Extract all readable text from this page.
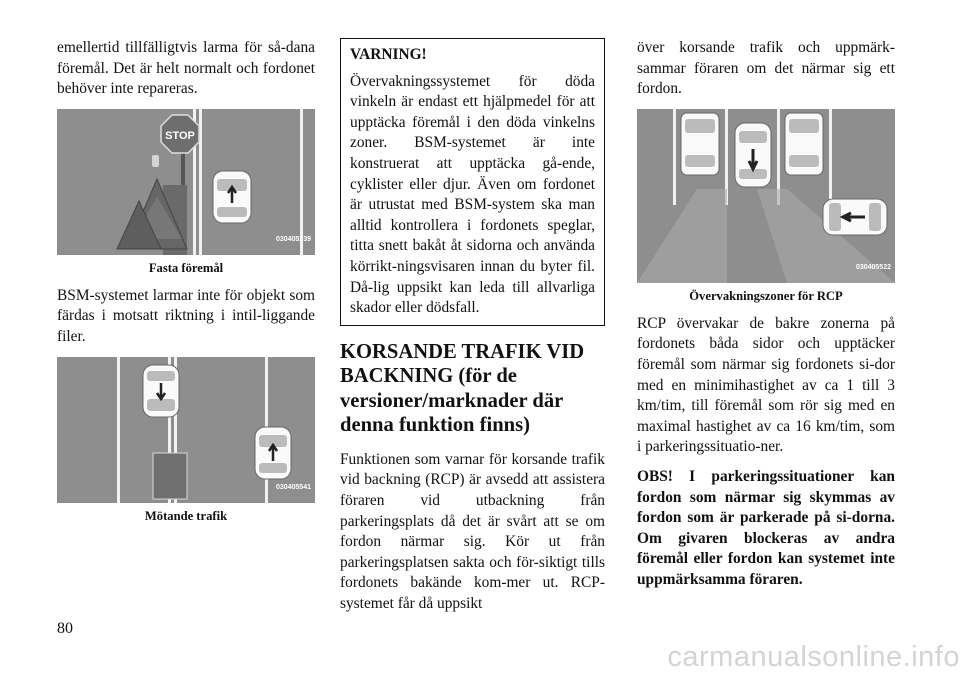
emellertid tillfälligtvis larma för så-dana föremål. Det är helt normalt och fordonet behöver inte repareras.

STOP
030405239
Fasta föremål

BSM-systemet larmar inte för objekt som färdas i motsatt riktning i intil-liggande filer.

030405541
Mötande trafik
VARNING!

Övervakningssystemet för döda vinkeln är endast ett hjälpmedel för att upptäcka föremål i den döda vinkelns zoner. BSM-systemet är inte konstruerat att upptäcka gå-ende, cyklister eller djur. Även om fordonet är utrustat med BSM-system ska man alltid kontrollera i fordonets speglar, titta snett bakåt åt sidorna och använda körrikt-ningsvisaren innan du byter fil. Då-lig uppsikt kan leda till allvarliga skador eller dödsfall.

KORSANDE TRAFIK VID BACKNING (för de versioner/marknader där denna funktion finns)

Funktionen som varnar för korsande trafik vid backning (RCP) är avsedd att assistera föraren vid utbackning från parkeringsplats då det är svårt att se om fordon närmar sig. Kör ut från parkeringsplatsen sakta och för-siktigt tills fordonets bakände kom-mer ut. RCP-systemet får då uppsikt

över korsande trafik och uppmärk-sammar föraren om det närmar sig ett fordon.

030405522
Övervakningszoner för RCP

RCP övervakar de bakre zonerna på fordonets båda sidor och upptäcker föremål som närmar sig fordonets si-dor med en minimihastighet av ca 1 till 3 km/tim, till föremål som rör sig med en maximal hastighet av ca 16 km/tim, som i parkeringssituatio-ner.

OBS! I parkeringssituationer kan fordon som närmar sig skymmas av fordon som är parkerade på si-dorna. Om givaren blockeras av andra föremål eller fordon kan systemet inte uppmärksamma föraren.

80
carmanualsonline.info
